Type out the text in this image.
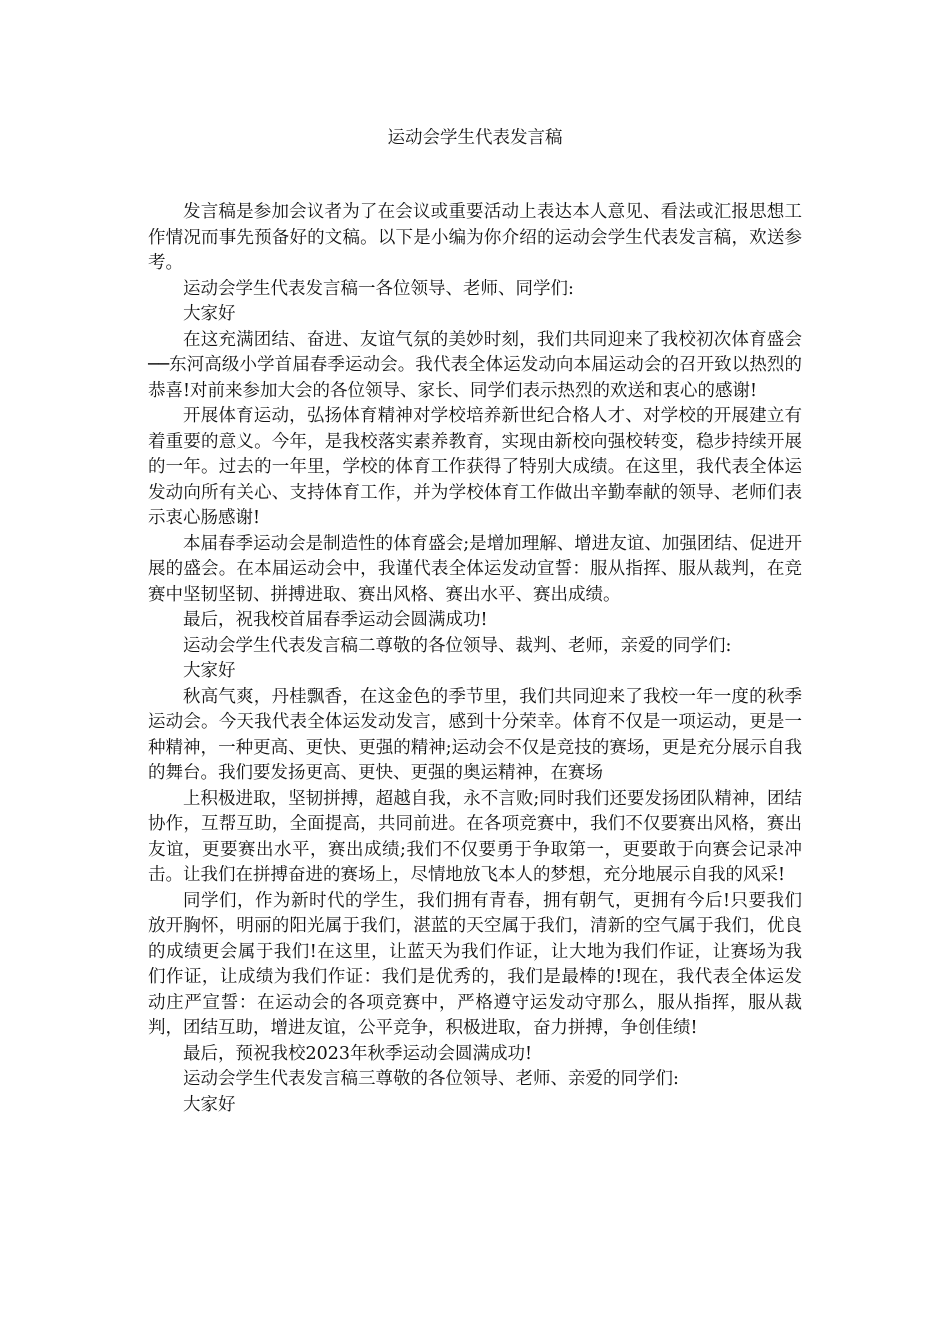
运动会学生代表发言稿

发言稿是参加会议者为了在会议或重要活动上表达本人意见、看法或汇报思想工作情况而事先预备好的文稿。以下是小编为你介绍的运动会学生代表发言稿，欢送参考。

运动会学生代表发言稿一各位领导、老师、同学们:

大家好

在这充满团结、奋进、友谊气氛的美妙时刻，我们共同迎来了我校初次体育盛会──东河高级小学首届春季运动会。我代表全体运发动向本届运动会的召开致以热烈的恭喜!对前来参加大会的各位领导、家长、同学们表示热烈的欢送和衷心的感谢!

开展体育运动，弘扬体育精神对学校培养新世纪合格人才、对学校的开展建立有着重要的意义。今年，是我校落实素养教育，实现由新校向强校转变，稳步持续开展的一年。过去的一年里，学校的体育工作获得了特别大成绩。在这里，我代表全体运发动向所有关心、支持体育工作，并为学校体育工作做出辛勤奉献的领导、老师们表示衷心肠感谢!

本届春季运动会是制造性的体育盛会;是增加理解、增进友谊、加强团结、促进开展的盛会。在本届运动会中，我谨代表全体运发动宣誓：服从指挥、服从裁判，在竞赛中坚韧坚韧、拼搏进取、赛出风格、赛出水平、赛出成绩。

最后，祝我校首届春季运动会圆满成功!

运动会学生代表发言稿二尊敬的各位领导、裁判、老师，亲爱的同学们:

大家好

秋高气爽，丹桂飘香，在这金色的季节里，我们共同迎来了我校一年一度的秋季运动会。今天我代表全体运发动发言，感到十分荣幸。体育不仅是一项运动，更是一种精神，一种更高、更快、更强的精神;运动会不仅是竞技的赛场，更是充分展示自我的舞台。我们要发扬更高、更快、更强的奥运精神，在赛场

上积极进取，坚韧拼搏，超越自我，永不言败;同时我们还要发扬团队精神，团结协作，互帮互助，全面提高，共同前进。在各项竞赛中，我们不仅要赛出风格，赛出友谊，更要赛出水平，赛出成绩;我们不仅要勇于争取第一，更要敢于向赛会记录冲击。让我们在拼搏奋进的赛场上，尽情地放飞本人的梦想，充分地展示自我的风采!

同学们，作为新时代的学生，我们拥有青春，拥有朝气，更拥有今后!只要我们放开胸怀，明丽的阳光属于我们，湛蓝的天空属于我们，清新的空气属于我们，优良的成绩更会属于我们!在这里，让蓝天为我们作证，让大地为我们作证，让赛场为我们作证，让成绩为我们作证：我们是优秀的，我们是最棒的!现在，我代表全体运发动庄严宣誓：在运动会的各项竞赛中，严格遵守运发动守那么，服从指挥，服从裁判，团结互助，增进友谊，公平竞争，积极进取，奋力拼搏，争创佳绩!

最后，预祝我校2023年秋季运动会圆满成功!

运动会学生代表发言稿三尊敬的各位领导、老师、亲爱的同学们:

大家好
